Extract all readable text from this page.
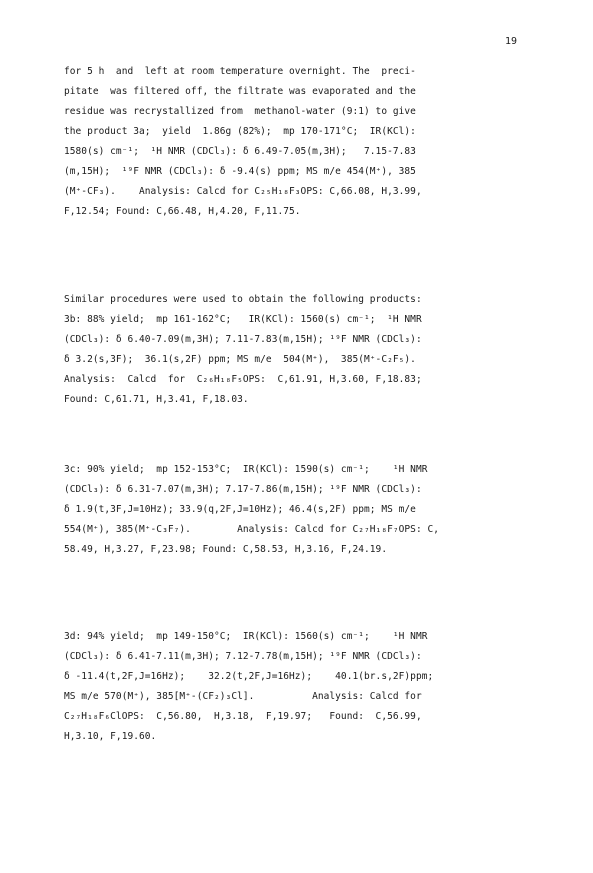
19
for 5 h  and  left at room temperature overnight. The  preci-
pitate  was filtered off, the filtrate was evaporated and the
residue was recrystallized from  methanol-water (9:1) to give
the product 3a;  yield  1.86g (82%);  mp 170-171°C;  IR(KCl):
1580(s) cm⁻¹;  ¹H NMR (CDCl₃): δ 6.49-7.05(m,3H);   7.15-7.83
(m,15H);  ¹⁹F NMR (CDCl₃): δ -9.4(s) ppm; MS m/e 454(M⁺), 385
(M⁺-CF₃).    Analysis: Calcd for C₂₅H₁₈F₃OPS: C,66.08, H,3.99,
F,12.54; Found: C,66.48, H,4.20, F,11.75.
Similar procedures were used to obtain the following products:
3b: 88% yield;  mp 161-162°C;   IR(KCl): 1560(s) cm⁻¹;  ¹H NMR
(CDCl₃): δ 6.40-7.09(m,3H); 7.11-7.83(m,15H); ¹⁹F NMR (CDCl₃):
δ 3.2(s,3F);  36.1(s,2F) ppm; MS m/e  504(M⁺),  385(M⁺-C₂F₅).
Analysis:  Calcd  for  C₂₆H₁₈F₅OPS:  C,61.91, H,3.60, F,18.83;
Found: C,61.71, H,3.41, F,18.03.
3c: 90% yield;  mp 152-153°C;  IR(KCl): 1590(s) cm⁻¹;    ¹H NMR
(CDCl₃): δ 6.31-7.07(m,3H); 7.17-7.86(m,15H); ¹⁹F NMR (CDCl₃):
δ 1.9(t,3F,J=10Hz); 33.9(q,2F,J=10Hz); 46.4(s,2F) ppm; MS m/e
554(M⁺), 385(M⁺-C₃F₇).        Analysis: Calcd for C₂₇H₁₈F₇OPS: C,
58.49, H,3.27, F,23.98; Found: C,58.53, H,3.16, F,24.19.
3d: 94% yield;  mp 149-150°C;  IR(KCl): 1560(s) cm⁻¹;    ¹H NMR
(CDCl₃): δ 6.41-7.11(m,3H); 7.12-7.78(m,15H); ¹⁹F NMR (CDCl₃):
δ -11.4(t,2F,J=16Hz);    32.2(t,2F,J=16Hz);    40.1(br.s,2F)ppm;
MS m/e 570(M⁺), 385[M⁺-(CF₂)₃Cl].          Analysis: Calcd for
C₂₇H₁₈F₆ClOPS:  C,56.80,  H,3.18,  F,19.97;   Found:  C,56.99,
H,3.10, F,19.60.
